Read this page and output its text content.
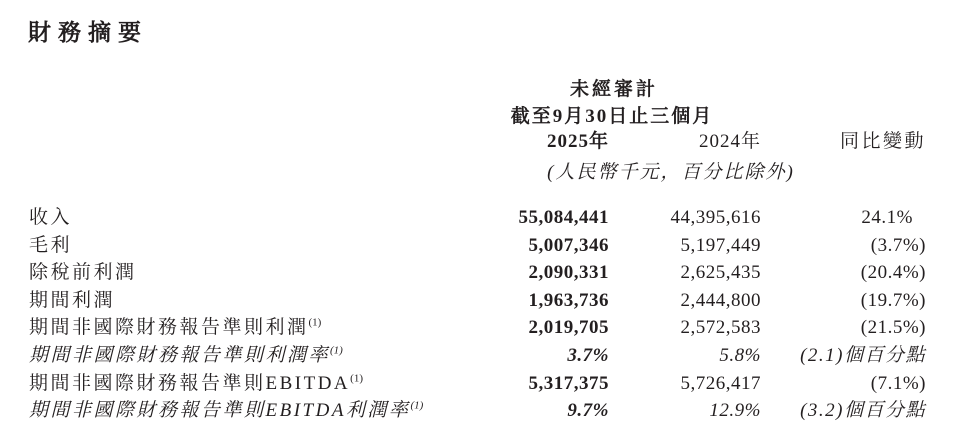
財務摘要
未經審計
截至9月30日止三個月
2025年	2024年	同比變動
(人民幣千元，百分比除外)
收入	55,084,441	44,395,616	24.1%
毛利	5,007,346	5,197,449	(3.7%)
除稅前利潤	2,090,331	2,625,435	(20.4%)
期間利潤	1,963,736	2,444,800	(19.7%)
期間非國際財務報告準則利潤$^{(1)}$	2,019,705	2,572,583	(21.5%)
期間非國際財務報告準則利潤率$^{(1)}$	3.7%	5.8%	(2.1)個百分點
期間非國際財務報告準則EBITDA$^{(1)}$	5,317,375	5,726,417	(7.1%)
期間非國際財務報告準則EBITDA利潤率$^{(1)}$	9.7%	12.9%	(3.2)個百分點
